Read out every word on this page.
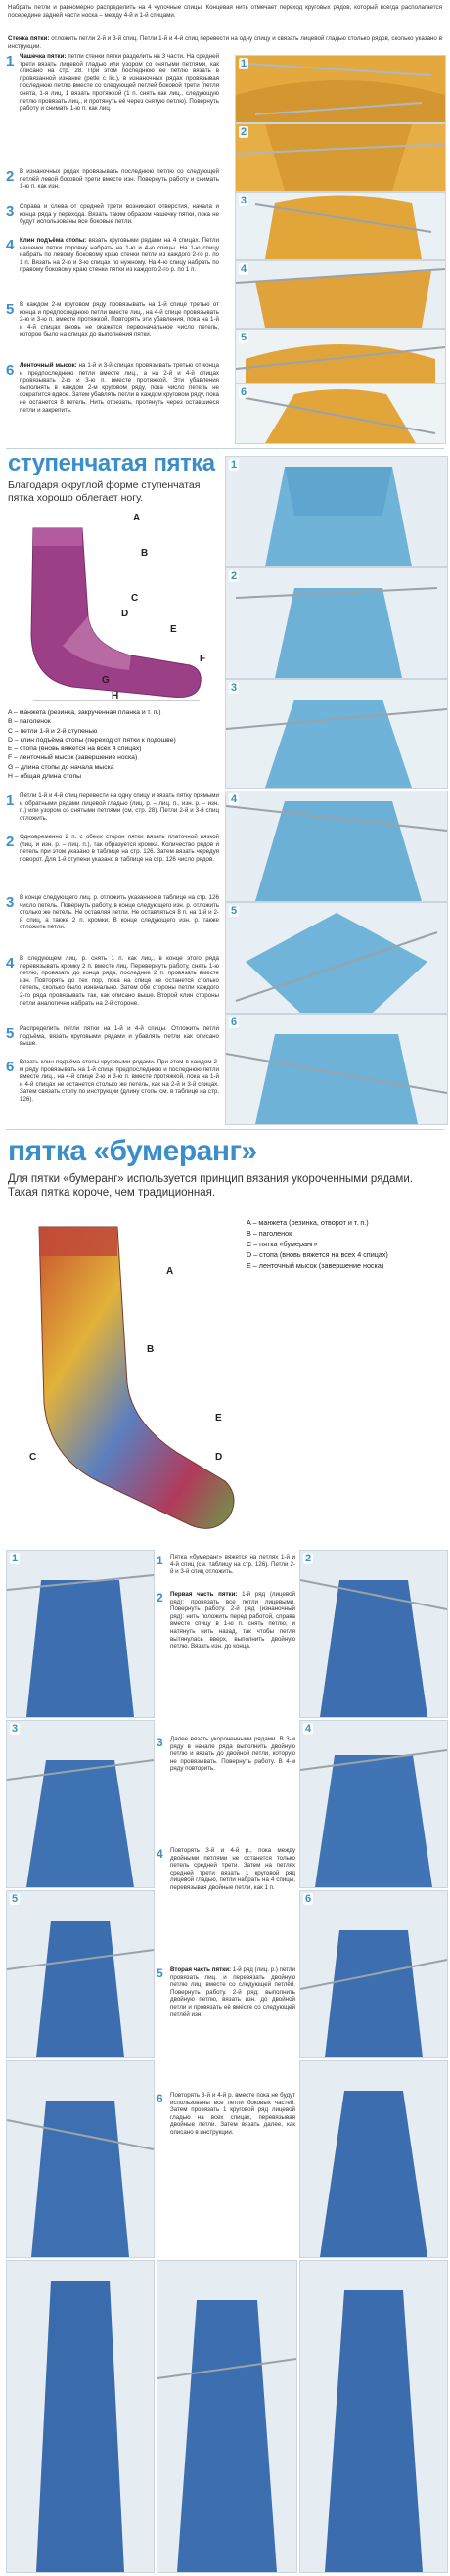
Набрать петли и равномерно распределить на 4 чулочные спицы. Концевая нить отмечает переход круговых рядов, который всегда располагается посередине задней части носка – между 4-й и 1-й спицами.
Стенка пятки: отложить петли 2-й и 3-й спиц. Петли 1-й и 4-й спиц перевести на одну спицу и связать лицевой гладью столько рядов, сколько указано в инструкции.
1 Чашечка пятки: петли стенки пятки разделить на 3 части. На средней трети вязать лицевой гладью или узором со снятыми петлями, как описано на стр. 28. При этом последнюю ее петлю вязать в провязанной изнанке (petle c lic.), в изнаночных рядах провязывая последнюю петлю вместе со следующей петлей боковой трети (петля снята, 1-я лиц, 1 вязать протяжкой (1 п. снять как лиц., следующую петлю провязать лиц., и протянуть её через снятую петлю). Повернуть работу и снимать 1-ю п. как лиц.
2 В изнаночных рядах провязывать последнюю петлю со следующей петлёй левой боковой трети вместе изн. Повернуть работу и снимать 1-ю п. как изн.
3 Справа и слева от средней трети возникают отверстия, начала и конца ряда у перехода. Вязать таким образом чашечку пятки, пока не будут использованы все боковые петли.
4 Клин подъёма стопы: вязать круговыми рядами на 4 спицах. Петли чашечки пятки поровну набрать на 1-ю и 4-ю спицы. На 1-ю спицу набрать по левому боковому краю стенки петли из каждого 2-го р. по 1 п. Вязать на 2-ю и 3-ю спицах по нужному. На 4-ю спицу набрать по правому боковому краю стенки пятки из каждого 2-го р. по 1 п.
5 В каждом 2-м круговом ряду провязывать на 1-й спице третью от конца и предпоследнюю петли вместе лиц., на 4-й спице провязывать 2-ю и 3-ю п. вместе протяжкой. Повторять эти убавления, пока на 1-й и 4-й спицах вновь не окажется первоначальное число петель, которое было на спицах до выполнения пятки.
6 Ленточный мысок: на 1-й и 3-й спицах провязывать третью от конца и предпоследнюю петли вместе лиц., а на 2-й и 4-й спицах провязывать 2-ю и 3-ю п. вместе протяжкой. Эти убавления выполнять в каждом 2-м круговом ряду, пока число петель не сократится вдвое. Затем убавлять петли в каждом круговом ряду, пока не останется 8 петель. Нить отрезать, протянуть через оставшиеся петли и закрепить.
1
2
3
4
5
6
ступенчатая пятка
Благодаря округлой форме ступенчатая пятка хорошо облегает ногу.
A
B
C
D
E
F
G
H
A – манжета (резинка, закрученная планка и т. п.)
B – паголенок
C – петли 1-й и 2-й ступенью
D – клин подъёма стопы (переход от пятки к подошве)
E – стопа (вновь вяжется на всех 4 спицах)
F – ленточный мысок (завершение носка)
G – длина стопы до начала мыска
H – общая длина стопы
1
2
3
1 Петли 1-й и 4-й спиц перевести на одну спицу и вязать пятку прямыми и обратными рядами лицевой гладью (лиц. р. – лиц. п., изн. р. – изн. п.) или узором со снятыми петлями (см. стр. 28). Петли 2-й и 3-й спиц отложить.
2 Одновременно 2 п. с обеих сторон пятки вязать платочной вязкой (лиц. и изн. р. – лиц. п.), так образуется кромка. Количество рядов и петель при этом указано в таблице на стр. 126. Затем вязать чередуя поворот. Для 1-й ступени указано в таблице на стр. 126 число рядов.
3 В конце следующего лиц. р. отложить указанное в таблице на стр. 126 число петель. Повернуть работу, в конце следующего изн. р. отложить столько же петель. Не оставляя петли. Не оставляться 8 п. на 1-й и 2-й спиц, а также 2 п. кромки. В конце следующего изн. р. также отложить петли.
4 В следующем лиц. р. снять 1 п. как лиц., в конце этого ряда перевязывать кромку 2 п. вместе лиц. Перевернуть работу, снять 1-ю петлю, провязать до конца ряда, последние 2 п. провязать вместе изн. Повторять до тех пор, пока на спице не останется столько петель, сколько было изначально. Затем обе стороны петли каждого 2-го ряда провязывать так, как описано выше. Второй клин стороны петли аналогично набрать на 2-й стороне.
5 Распределить петли пятки на 1-й и 4-й спицы. Отложить петли подъёма, вязать круговыми рядами и убавлять петли как описано выше.
6 Вязать клин подъёма стопы круговыми рядами. При этом в каждом 2-м ряду провязывать на 1-й спице предпоследнюю и последнюю петли вместе лиц., на 4-й спице 2-ю и 3-ю п. вместе протяжкой, пока на 1-й и 4-й спицах не останется столько же петель, как на 2-й и 3-й спицах. Затем связать стопу по инструкции (длину стопы см. в таблице на стр. 126).
4
5
6
пятка «бумеранг»
Для пятки «бумеранг» используется принцип вязания укороченными рядами. Такая пятка короче, чем традиционная.
A
B
C	D
E
A – манжета (резинка, отворот и т. п.)
B – паголенок
C – пятка «бумеранг»
D – стопа (вновь вяжется на всех 4 спицах)
E – ленточный мысок (завершение носка)
1 Пятка «бумеранг» вяжется на петлях 1-й и 4-й спиц (см. таблицу на стр. 126). Петли 2-й и 3-й спиц отложить.
2 Первая часть пятки: 1-й ряд (лицевой ряд): провязать все петли лицевыми. Повернуть работу. 2-й ряд (изнаночный ряд): нить положить перед работой, справа вместе спицу в 1-ю п. снять петлю, и натянуть нить назад, так чтобы петля вытянулась вверх, выполнить двойную петлю. Вязать изн. до конца.
3 Далее вязать укороченными рядами. В 3-м ряду в начале ряда выполнить двойную петлю и вязать до двойной петли, которую не провязывать. Повернуть работу. В 4-м ряду повторить.
4 Повторять 3-й и 4-й р., пока между двойными петлями не останется только петель средней трети. Затем на петлях средней трети вязать 1 круговой ряд лицевой гладью, петли набрать на 4 спицы, перевязывая двойные петли, как 1 п.
5 Вторая часть пятки: 1-й ряд (лиц. р.) петли провязать лиц. и перевязать двойную петлю лиц. вместе со следующей петлёй. Повернуть работу. 2-й ряд: выполнить двойную петлю, вязать изн. до двойной петли и провязать её вместе со следующей петлёй изн.
6 Повторять 3-й и 4-й р. вместе пока не будут использованы все петли боковых частей. Затем провязать 1 круговой ряд лицевой гладью на всех спицах, перевязывая двойные петли. Затем вязать далее, как описано в инструкции.
1
3
5
2
4
6
